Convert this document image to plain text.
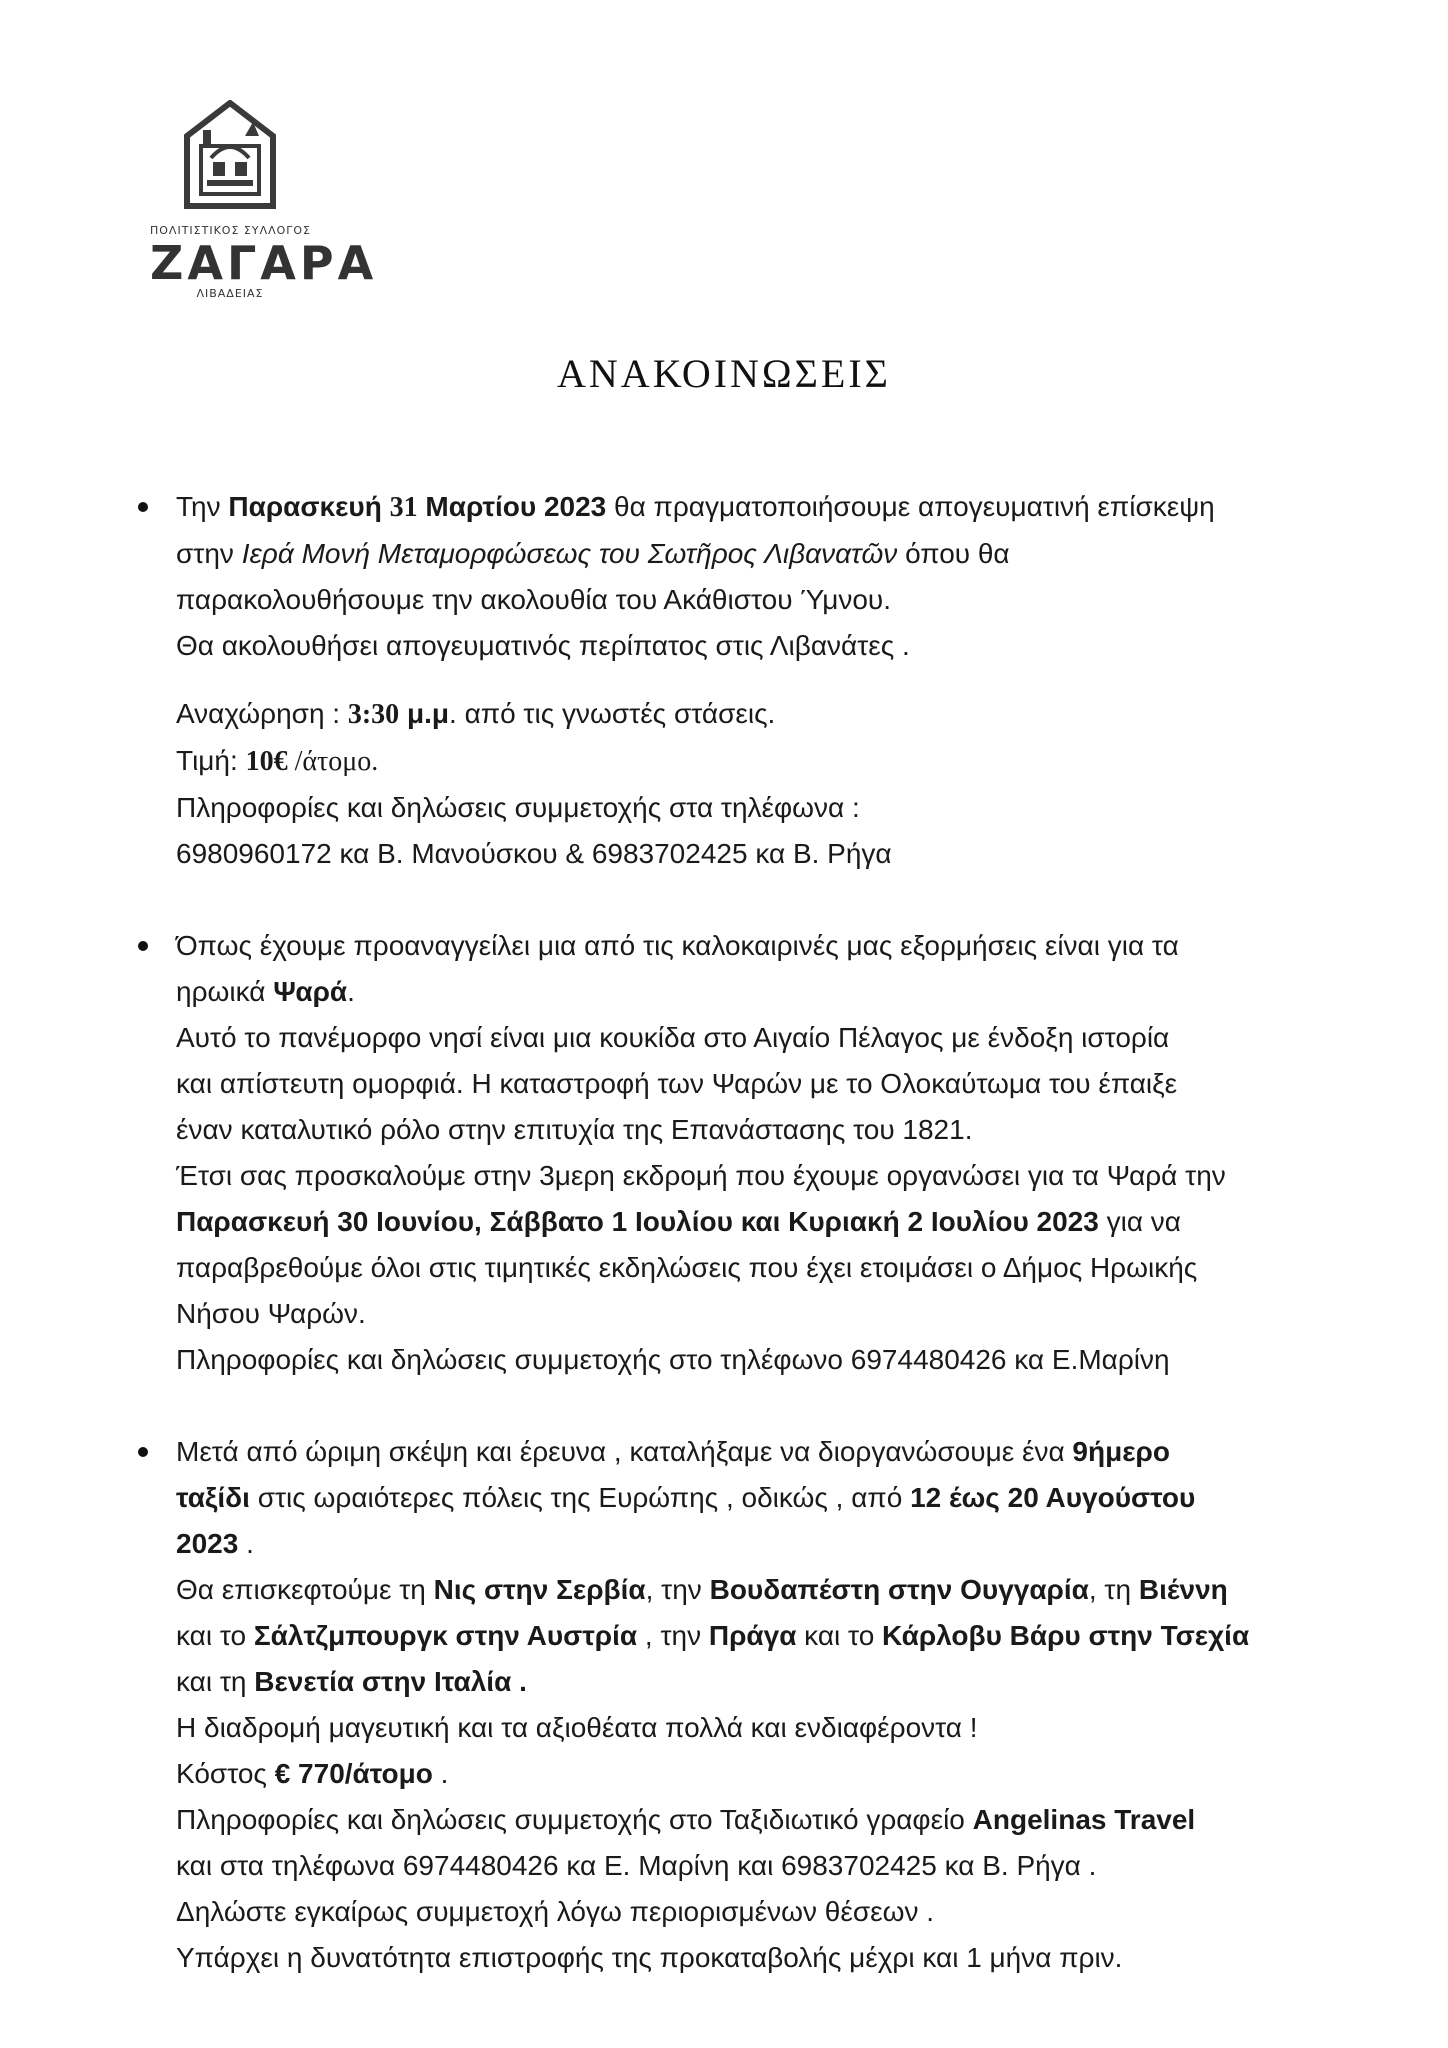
ΠΟΛΙΤΙΣΤΙΚΟΣ ΣΥΛΛΟΓΟΣ
ΖΑΓΑΡΑ
ΛΙΒΑΔΕΙΑΣ
ΑΝΑΚΟΙΝΩΣΕΙΣ
Την Παρασκευή 31 Μαρτίου 2023 θα πραγματοποιήσουμε απογευματινή επίσκεψη
στην Ιερά Μονή Μεταμορφώσεως του Σωτῆρος Λιβανατῶν όπου θα
παρακολουθήσουμε την ακολουθία του Ακάθιστου Ύμνου.
Θα ακολουθήσει απογευματινός περίπατος στις Λιβανάτες .
Αναχώρηση : 3:30 μ.μ. από τις γνωστές στάσεις.
Τιμή: 10€ /άτομο.
Πληροφορίες και δηλώσεις συμμετοχής στα τηλέφωνα :
6980960172 κα Β. Μανούσκου & 6983702425 κα Β. Ρήγα
Όπως έχουμε προαναγγείλει μια από τις καλοκαιρινές μας εξορμήσεις είναι για τα
ηρωικά Ψαρά.
Αυτό το πανέμορφο νησί είναι μια κουκίδα στο Αιγαίο Πέλαγος με ένδοξη ιστορία
και απίστευτη ομορφιά. Η καταστροφή των Ψαρών με το Ολοκαύτωμα του έπαιξε
έναν καταλυτικό ρόλο στην επιτυχία της Επανάστασης του 1821.
Έτσι σας προσκαλούμε στην 3μερη εκδρομή που έχουμε οργανώσει για τα Ψαρά την
Παρασκευή 30 Ιουνίου, Σάββατο 1 Ιουλίου και Κυριακή 2 Ιουλίου 2023 για να
παραβρεθούμε όλοι στις τιμητικές εκδηλώσεις που έχει ετοιμάσει ο Δήμος Ηρωικής
Νήσου Ψαρών.
Πληροφορίες και δηλώσεις συμμετοχής στο τηλέφωνο 6974480426 κα Ε.Μαρίνη
Μετά από ώριμη σκέψη και έρευνα , καταλήξαμε να διοργανώσουμε ένα 9ήμερο
ταξίδι στις ωραιότερες πόλεις της Ευρώπης , οδικώς , από 12 έως 20 Αυγούστου
2023 .
Θα επισκεφτούμε τη Νις στην Σερβία, την Βουδαπέστη στην Ουγγαρία, τη Βιέννη
και το Σάλτζμπουργκ στην Αυστρία , την Πράγα και το Κάρλοβυ Βάρυ στην Τσεχία
και τη Βενετία στην Ιταλία .
Η διαδρομή μαγευτική και τα αξιοθέατα πολλά και ενδιαφέροντα !
Κόστος € 770/άτομο .
Πληροφορίες και δηλώσεις συμμετοχής στο Ταξιδιωτικό γραφείο Angelinas Travel
και στα τηλέφωνα 6974480426 κα Ε. Μαρίνη και 6983702425 κα Β. Ρήγα .
Δηλώστε εγκαίρως συμμετοχή λόγω περιορισμένων θέσεων .
Υπάρχει η δυνατότητα επιστροφής της προκαταβολής μέχρι και 1 μήνα πριν.
